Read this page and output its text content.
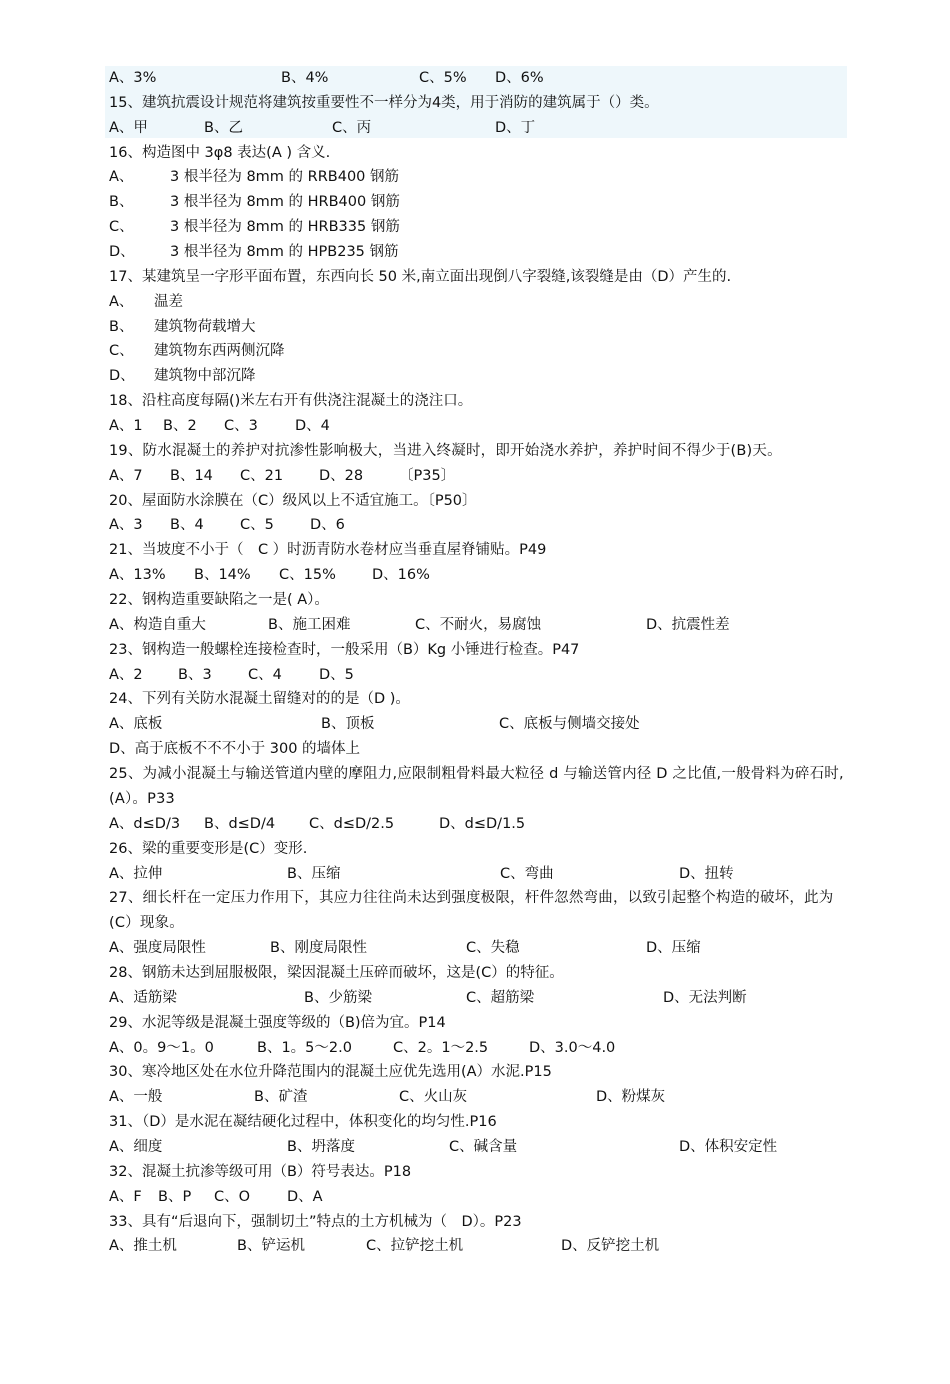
A、3%

	B、4%

	C、5%

D、6%

15、建筑抗震设计规范将建筑按重要性不一样分为4类，用于消防的建筑属于（）类。

A、甲

	B、乙

	C、丙

	D、丁

16、构造图中 3φ8 表达(A ) 含义.

A、

	3 根半径为 8mm 的 RRB400 钢筋

B、

	3 根半径为 8mm 的 HRB400 钢筋

C、

	3 根半径为 8mm 的 HRB335 钢筋

D、

3 根半径为 8mm 的 HPB235 钢筋

17、某建筑呈一字形平面布置，东西向长 50 米,南立面出现倒八字裂缝,该裂缝是由（D）产生的.

A、

温差

B、

建筑物荷载增大

C、

建筑物东西两侧沉降

D、

建筑物中部沉降

18、沿柱高度每隔()米左右开有供浇注混凝土的浇注口。

A、1

B、2

C、3

	D、4

19、防水混凝土的养护对抗渗性影响极大，当进入终凝时，即开始浇水养护，养护时间不得少于(B)天。

A、7

B、14

C、21

D、28

〔P35〕

20、屋面防水涂膜在（C）级风以上不适宜施工。〔P50〕

A、3

B、4

	C、5

D、6

21、当坡度不小于（　C ）时沥青防水卷材应当垂直屋脊铺贴。P49

A、13%

B、14%

C、15%

D、16%

22、钢构造重要缺陷之一是( A）。

A、构造自重大

	B、施工困难

	C、不耐火，易腐蚀

	D、抗震性差

23、钢构造一般螺栓连接检查时，一般采用（B）Kg 小锤进行检查。P47

A、2

B、3

	C、4

	D、5

24、下列有关防水混凝土留缝对的的是（D )。

A、底板

	B、顶板

	C、底板与侧墙交接处

D、高于底板不不不小于 300 的墙体上
25、为减小混凝土与输送管道内壁的摩阻力,应限制粗骨料最大粒径 d 与输送管内径 D 之比值,一般骨料为碎石时,(A）。P33

A、d≤D/3

B、d≤D/4

C、d≤D/2.5

	D、d≤D/1.5

26、梁的重要变形是(C）变形.

A、拉伸

	B、压缩

	C、弯曲

	D、扭转

27、细长杆在一定压力作用下，其应力往往尚未达到强度极限，杆件忽然弯曲，以致引起整个构造的破坏，此为(C）现象。

A、强度局限性

	B、刚度局限性

	C、失稳

	D、压缩

28、钢筋未达到屈服极限，梁因混凝土压碎而破坏，这是(C）的特征。

A、适筋梁

	B、少筋梁

	C、超筋梁

	D、无法判断

29、水泥等级是混凝土强度等级的（B)倍为宜。P14

A、0。9～1。0

	B、1。5～2.0

	C、2。1～2.5

	D、3.0～4.0

30、寒冷地区处在水位升降范围内的混凝土应优先选用(A）水泥.P15

A、一般

	B、矿渣

	C、火山灰

	D、粉煤灰

31、（D）是水泥在凝结硬化过程中，体积变化的均匀性.P16

A、细度

	B、坍落度

	C、碱含量

	D、体积安定性

32、混凝土抗渗等级可用（B）符号表达。P18

A、F

B、P

C、O

	D、A

33、具有“后退向下，强制切土”特点的土方机械为（　D）。P23

A、推土机

	B、铲运机

	C、拉铲挖土机

	D、反铲挖土机
